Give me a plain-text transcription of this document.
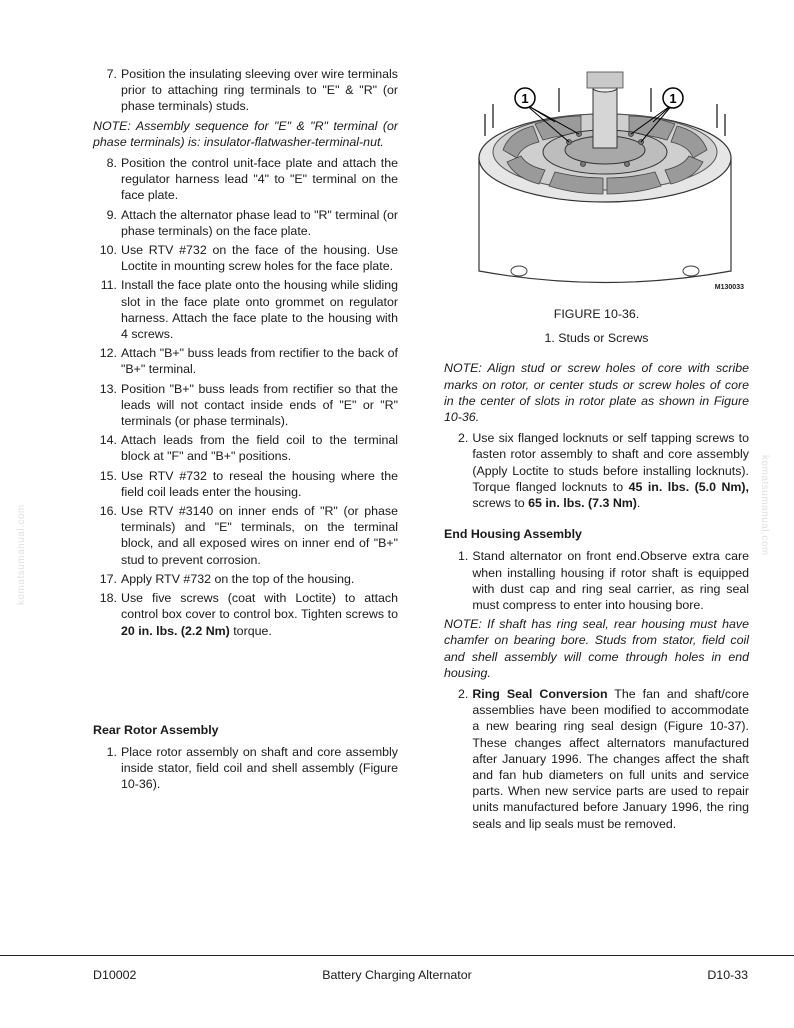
7. Position the insulating sleeving over wire terminals prior to attaching ring terminals to "E" & "R" (or phase terminals) studs.
NOTE: Assembly sequence for "E" & "R" terminal (or phase terminals) is: insulator-flatwasher-terminal-nut.
8. Position the control unit-face plate and attach the regulator harness lead "4" to "E" terminal on the face plate.
9. Attach the alternator phase lead to "R" terminal (or phase terminals) on the face plate.
10. Use RTV #732 on the face of the housing. Use Loctite in mounting screw holes for the face plate.
11. Install the face plate onto the housing while sliding slot in the face plate onto grommet on regulator harness. Attach the face plate to the housing with 4 screws.
12. Attach "B+" buss leads from rectifier to the back of "B+" terminal.
13. Position "B+" buss leads from rectifier so that the leads will not contact inside ends of "E" or "R" terminals (or phase terminals).
14. Attach leads from the field coil to the terminal block at "F" and "B+" positions.
15. Use RTV #732 to reseal the housing where the field coil leads enter the housing.
16. Use RTV #3140 on inner ends of "R" (or phase terminals) and "E" terminals, on the terminal block, and all exposed wires on inner end of "B+" stud to prevent corrosion.
17. Apply RTV #732 on the top of the housing.
18. Use five screws (coat with Loctite) to attach control box cover to control box. Tighten screws to 20 in. lbs. (2.2 Nm) torque.
Rear Rotor Assembly
1. Place rotor assembly on shaft and core assembly inside stator, field coil and shell assembly (Figure 10-36).
1	1
M130033
FIGURE 10-36.
1. Studs or Screws
NOTE: Align stud or screw holes of core with scribe marks on rotor, or center studs or screw holes of core in the center of slots in rotor plate as shown in Figure 10-36.
2. Use six flanged locknuts or self tapping screws to fasten rotor assembly to shaft and core assembly (Apply Loctite to studs before installing locknuts). Torque flanged locknuts to 45 in. lbs. (5.0 Nm), screws to 65 in. lbs. (7.3 Nm).
End Housing Assembly
1. Stand alternator on front end.Observe extra care when installing housing if rotor shaft is equipped with dust cap and ring seal carrier, as ring seal must compress to enter into housing bore.
NOTE: If shaft has ring seal, rear housing must have chamfer on bearing bore. Studs from stator, field coil and shell assembly will come through holes in end housing.
2. Ring Seal Conversion The fan and shaft/core assemblies have been modified to accommodate a new bearing ring seal design (Figure 10-37). These changes affect alternators manufactured after January 1996. The changes affect the shaft and fan hub diameters on full units and service parts. When new service parts are used to repair units manufactured before January 1996, the ring seals and lip seals must be removed.
komatsumanual.com	komatsumanual.com
Battery Charging Alternator
D10002	D10-33
